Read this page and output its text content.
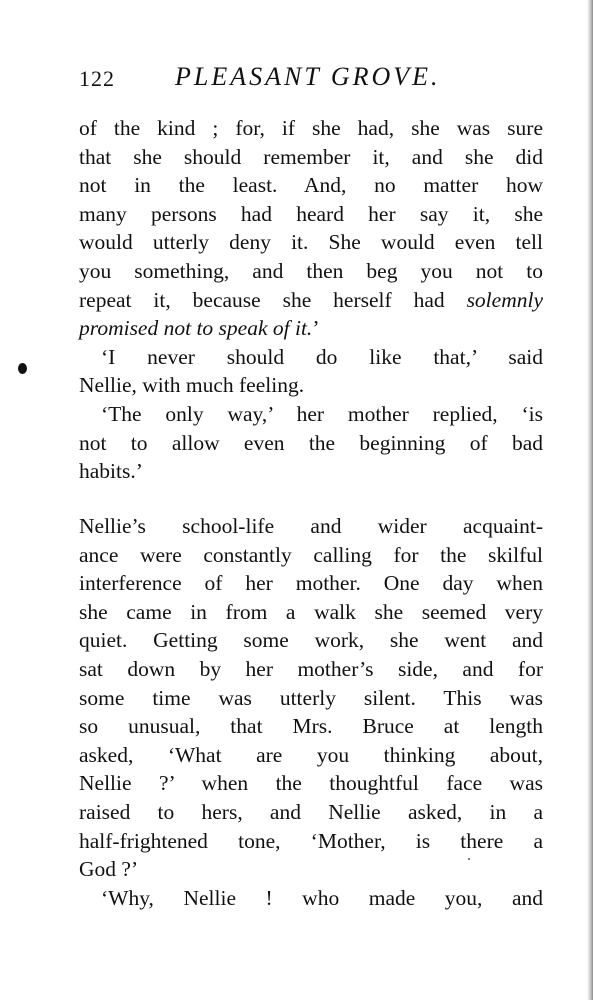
122 PLEASANT GROVE.
of the kind ; for, if she had, she was sure
that she should remember it, and she did
not in the least. And, no matter how
many persons had heard her say it, she
would utterly deny it. She would even tell
you something, and then beg you not to
repeat it, because she herself had solemnly
promised not to speak of it.’
‘I never should do like that,’ said
Nellie, with much feeling.
‘The only way,’ her mother replied, ‘is
not to allow even the beginning of bad
habits.’
Nellie’s school-life and wider acquaint-
ance were constantly calling for the skilful
interference of her mother. One day when
she came in from a walk she seemed very
quiet. Getting some work, she went and
sat down by her mother’s side, and for
some time was utterly silent. This was
so unusual, that Mrs. Bruce at length
asked, ‘What are you thinking about,
Nellie ?’ when the thoughtful face was
raised to hers, and Nellie asked, in a
half-frightened tone, ‘Mother, is there a
God ?’
‘Why, Nellie ! who made you, and
